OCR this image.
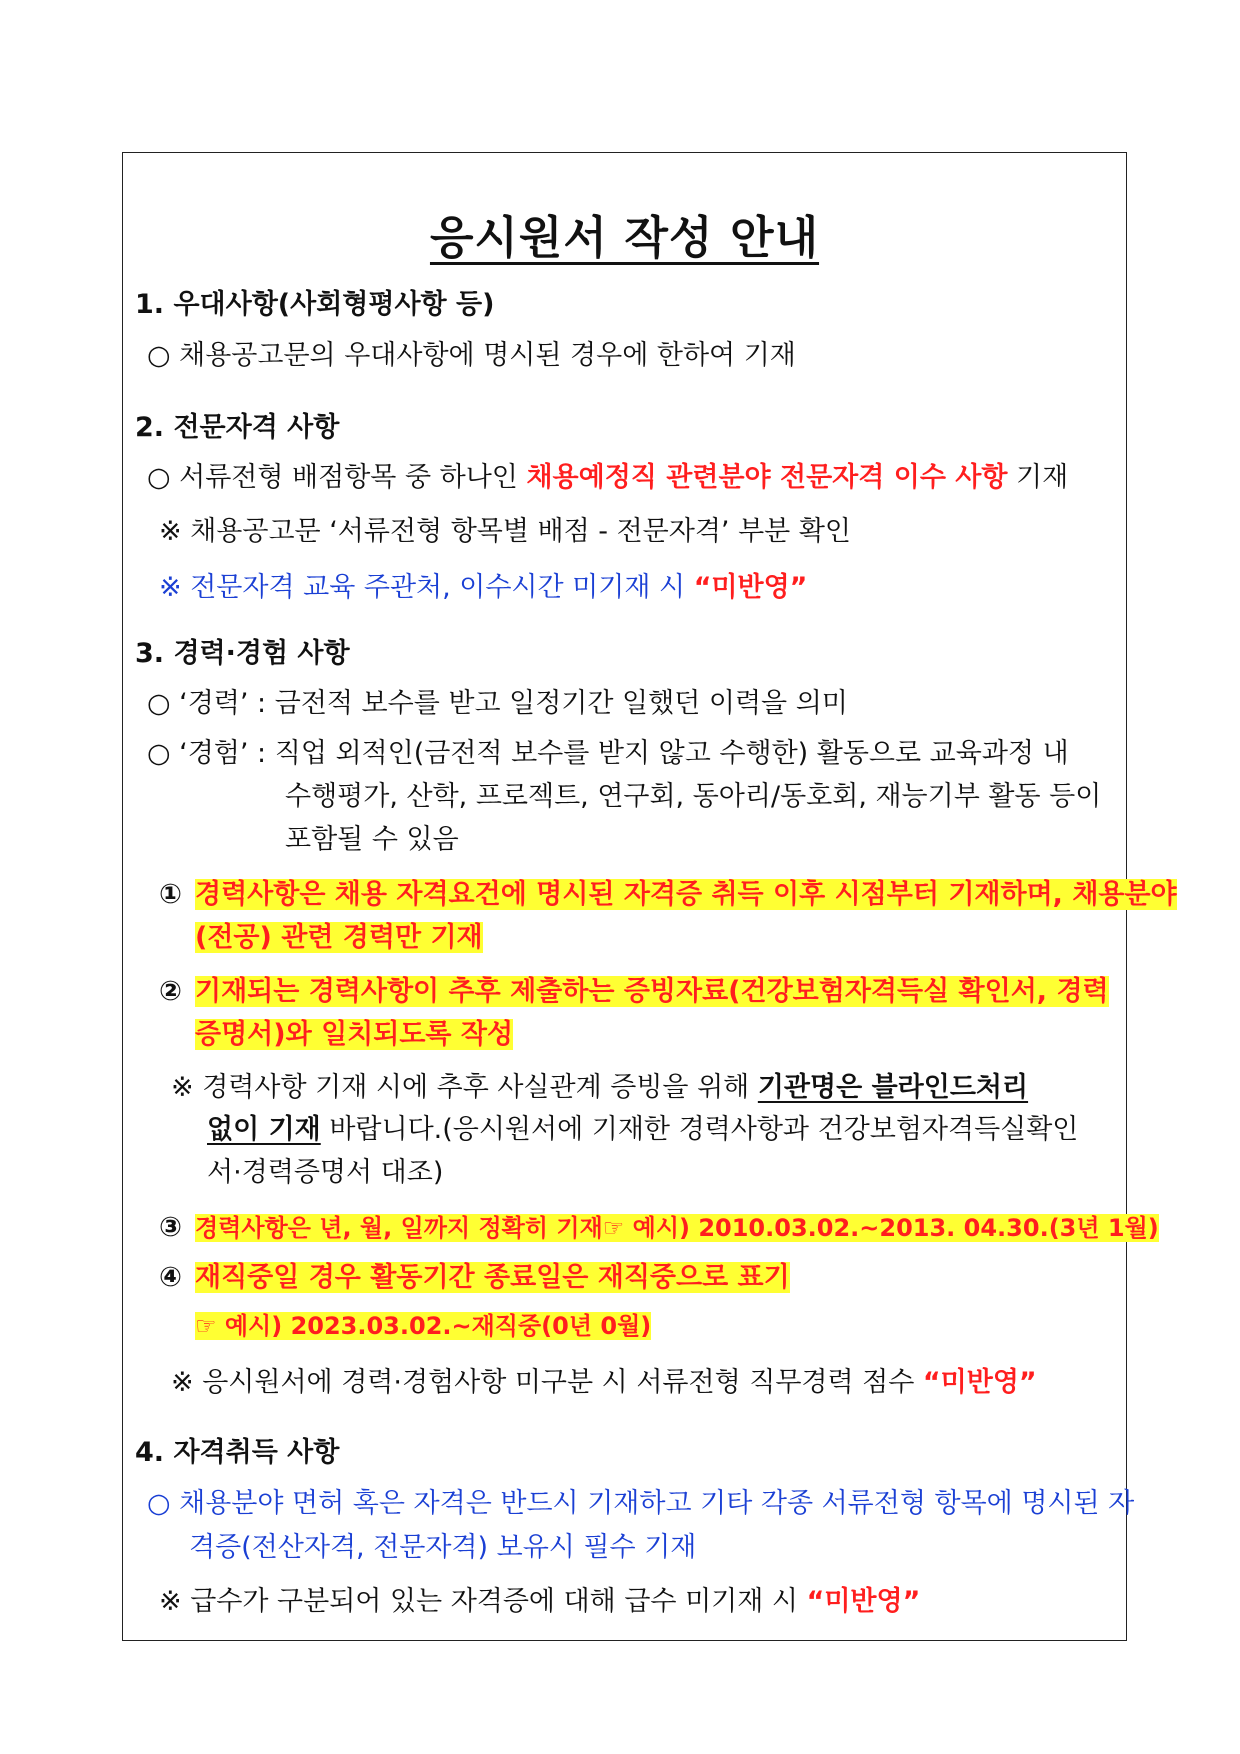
응시원서 작성 안내
1. 우대사항(사회형평사항 등)
○ 채용공고문의 우대사항에 명시된 경우에 한하여 기재
2. 전문자격 사항
○ 서류전형 배점항목 중 하나인 채용예정직 관련분야 전문자격 이수 사항 기재
※ 채용공고문 ‘서류전형 항목별 배점 - 전문자격’ 부분 확인
※ 전문자격 교육 주관처, 이수시간 미기재 시 “미반영”
3. 경력·경험 사항
○ ‘경력’ : 금전적 보수를 받고 일정기간 일했던 이력을 의미
○ ‘경험’ : 직업 외적인(금전적 보수를 받지 않고 수행한) 활동으로 교육과정 내
수행평가, 산학, 프로젝트, 연구회, 동아리/동호회, 재능기부 활동 등이
포함될 수 있음
① 경력사항은 채용 자격요건에 명시된 자격증 취득 이후 시점부터 기재하며, 채용분야
(전공) 관련 경력만 기재
② 기재되는 경력사항이 추후 제출하는 증빙자료(건강보험자격득실 확인서, 경력
증명서)와 일치되도록 작성
※ 경력사항 기재 시에 추후 사실관계 증빙을 위해 기관명은 블라인드처리
없이 기재 바랍니다.(응시원서에 기재한 경력사항과 건강보험자격득실확인
서·경력증명서 대조)
③ 경력사항은 년, 월, 일까지 정확히 기재☞ 예시) 2010.03.02.~2013. 04.30.(3년 1월)
④ 재직중일 경우 활동기간 종료일은 재직중으로 표기
☞ 예시) 2023.03.02.~재직중(0년 0월)
※ 응시원서에 경력·경험사항 미구분 시 서류전형 직무경력 점수 “미반영”
4. 자격취득 사항
○ 채용분야 면허 혹은 자격은 반드시 기재하고 기타 각종 서류전형 항목에 명시된 자
격증(전산자격, 전문자격) 보유시 필수 기재
※ 급수가 구분되어 있는 자격증에 대해 급수 미기재 시 “미반영”
